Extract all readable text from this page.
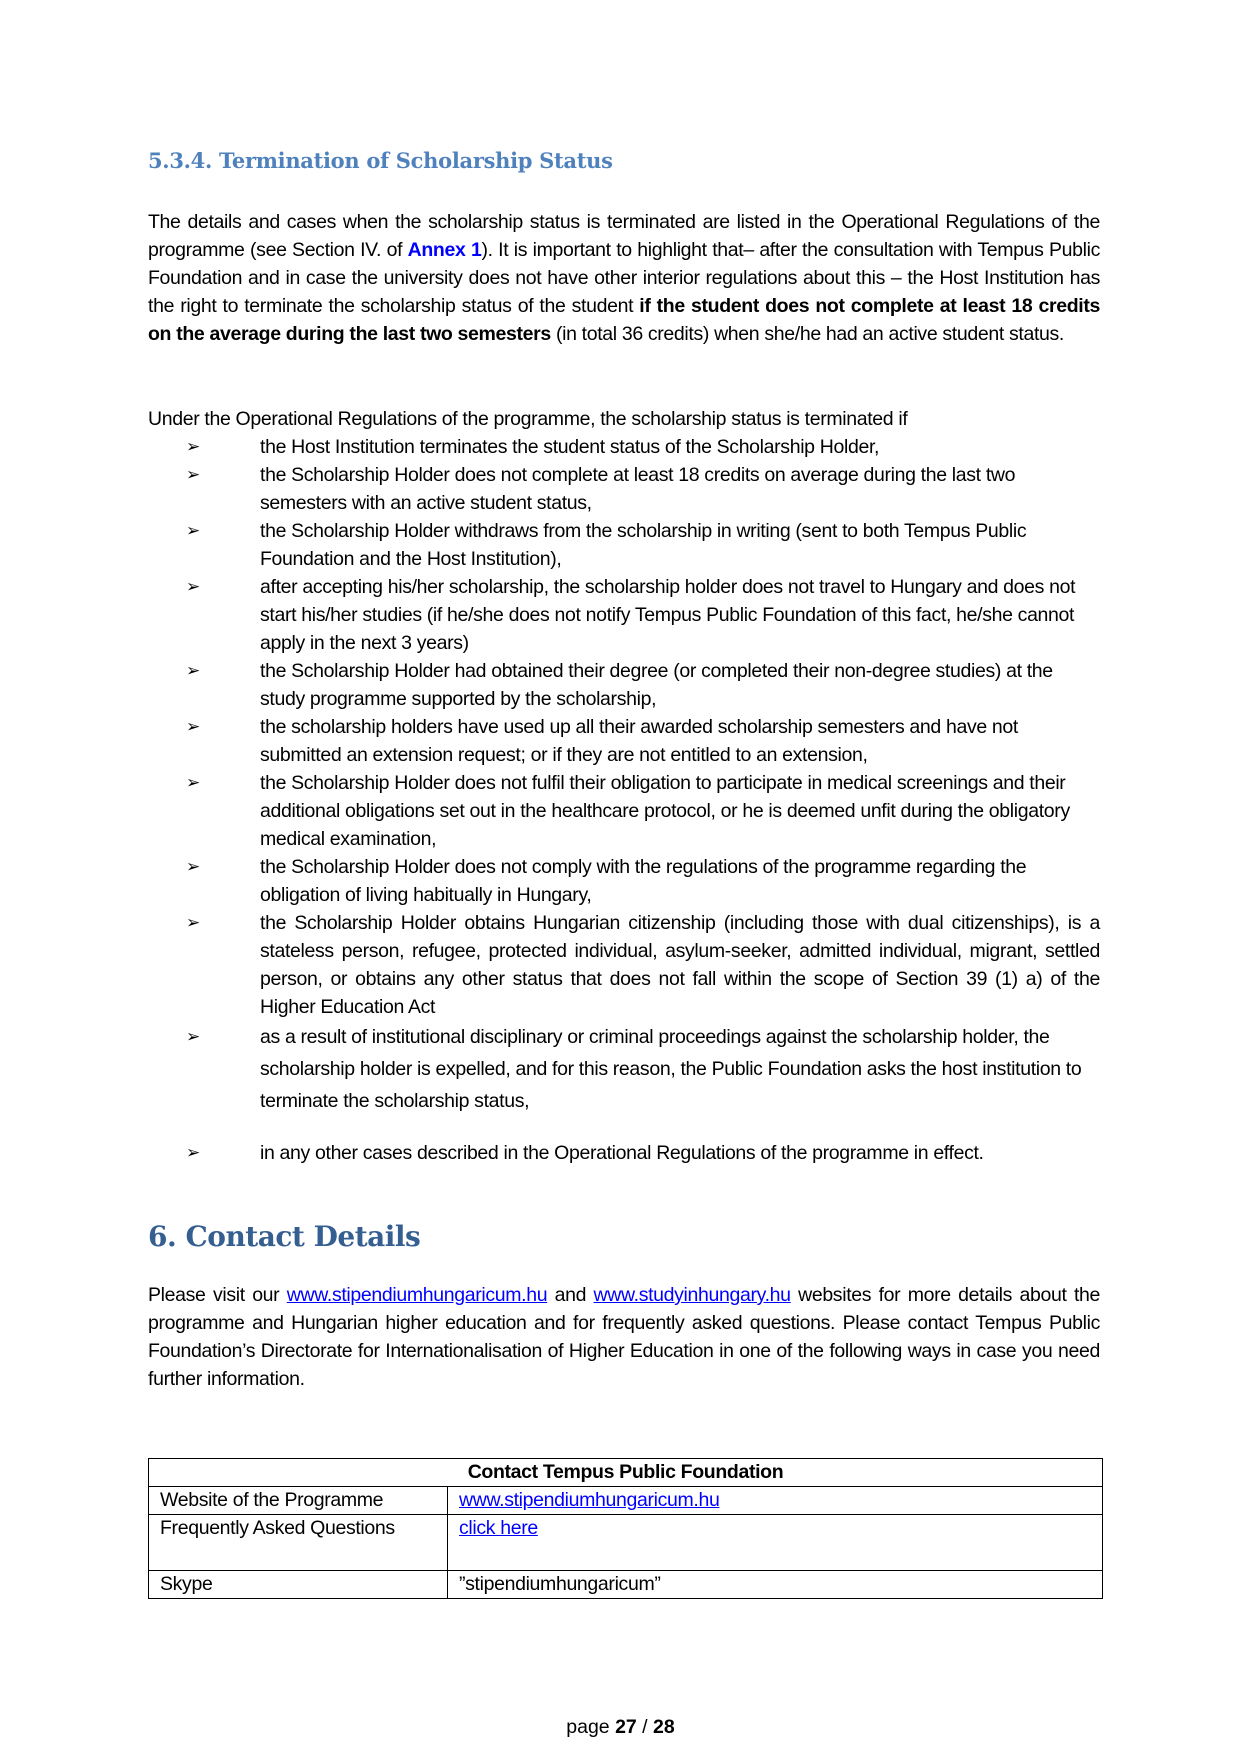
5.3.4. Termination of Scholarship Status
The details and cases when the scholarship status is terminated are listed in the Operational Regulations of the programme (see Section IV. of Annex 1). It is important to highlight that– after the consultation with Tempus Public Foundation and in case the university does not have other interior regulations about this – the Host Institution has the right to terminate the scholarship status of the student if the student does not complete at least 18 credits on the average during the last two semesters (in total 36 credits) when she/he had an active student status.
Under the Operational Regulations of the programme, the scholarship status is terminated if
➢	the Host Institution terminates the student status of the Scholarship Holder,
➢	the Scholarship Holder does not complete at least 18 credits on average during the last two semesters with an active student status,
➢	the Scholarship Holder withdraws from the scholarship in writing (sent to both Tempus Public Foundation and the Host Institution),
➢	after accepting his/her scholarship, the scholarship holder does not travel to Hungary and does not start his/her studies (if he/she does not notify Tempus Public Foundation of this fact, he/she cannot apply in the next 3 years)
➢	the Scholarship Holder had obtained their degree (or completed their non-degree studies) at the study programme supported by the scholarship,
➢	the scholarship holders have used up all their awarded scholarship semesters and have not submitted an extension request; or if they are not entitled to an extension,
➢	the Scholarship Holder does not fulfil their obligation to participate in medical screenings and their additional obligations set out in the healthcare protocol, or he is deemed unfit during the obligatory medical examination,
➢	the Scholarship Holder does not comply with the regulations of the programme regarding the obligation of living habitually in Hungary,
➢	the Scholarship Holder obtains Hungarian citizenship (including those with dual citizenships), is a stateless person, refugee, protected individual, asylum-seeker, admitted individual, migrant, settled person, or obtains any other status that does not fall within the scope of Section 39 (1) a) of the Higher Education Act
➢	as a result of institutional disciplinary or criminal proceedings against the scholarship holder, the scholarship holder is expelled, and for this reason, the Public Foundation asks the host institution to terminate the scholarship status,
➢	in any other cases described in the Operational Regulations of the programme in effect.
6. Contact Details
Please visit our www.stipendiumhungaricum.hu and www.studyinhungary.hu websites for more details about the programme and Hungarian higher education and for frequently asked questions. Please contact Tempus Public Foundation’s Directorate for Internationalisation of Higher Education in one of the following ways in case you need further information.
Contact Tempus Public Foundation	
Website of the Programme	www.stipendiumhungaricum.hu
Frequently Asked Questions	click here
Skype	”stipendiumhungaricum”
page 27 / 28
